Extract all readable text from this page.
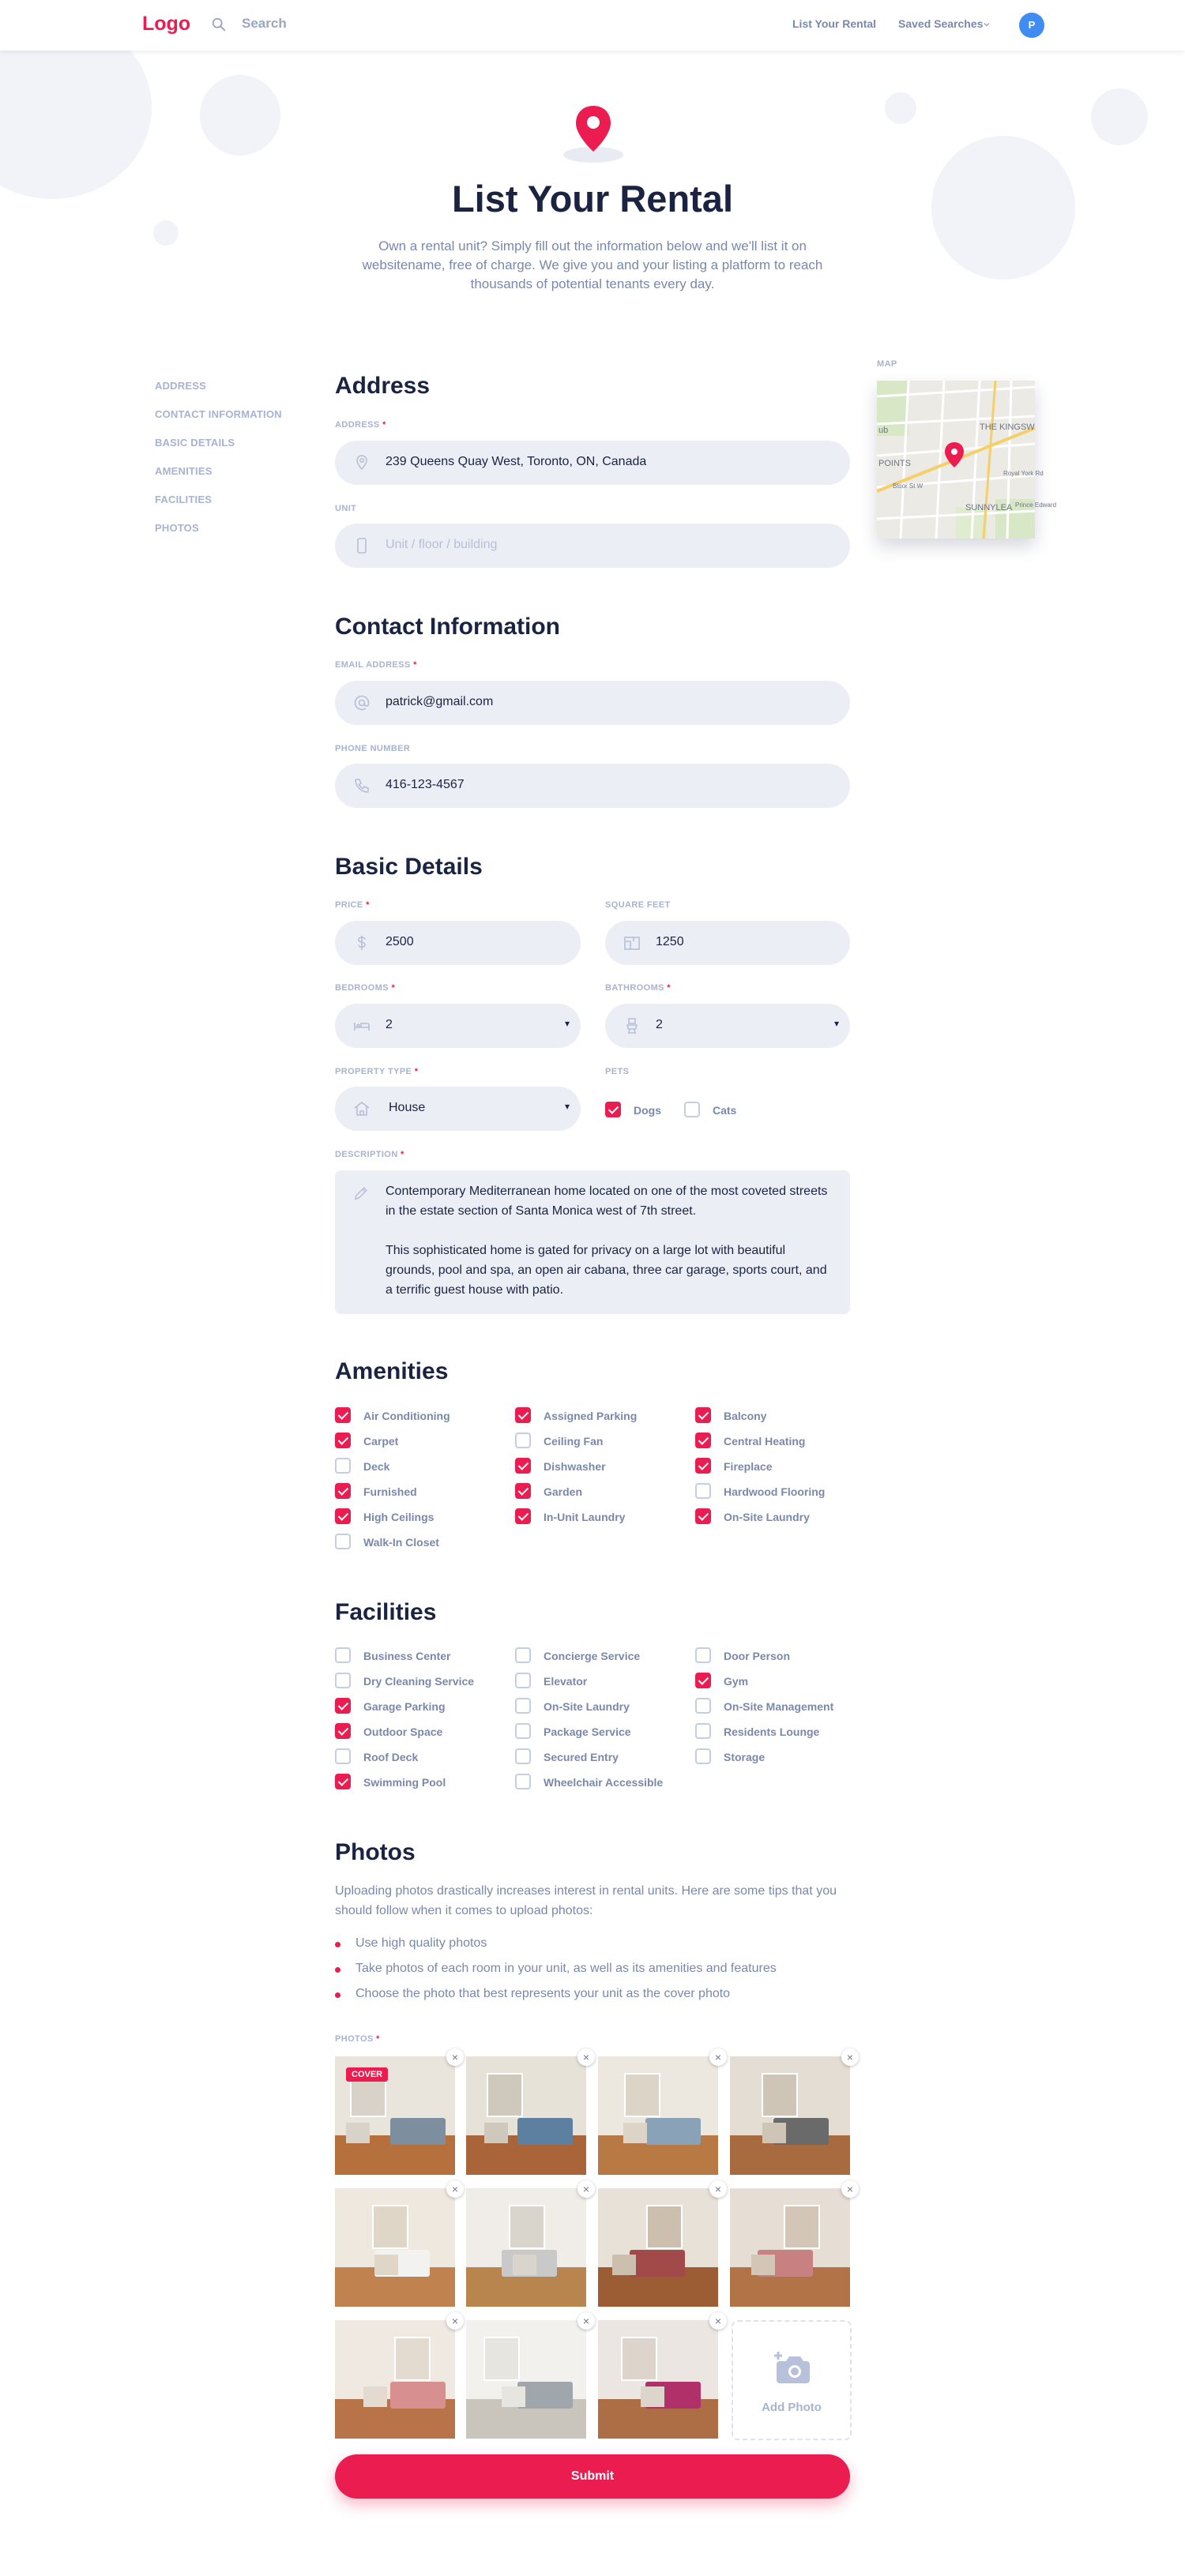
Logo	Search	List Your Rental Saved Searches	P
List Your Rental
Own a rental unit? Simply fill out the information below and we'll list it on websitename, free of charge. We give you and your listing a platform to reach thousands of potential tenants every day.
ADDRESS
CONTACT INFORMATION
BASIC DETAILS
AMENITIES
FACILITIES
PHOTOS
MAP
ub
POINTS
THE KINGSW
SUNNYLEA
Bloor St W
Royal York Rd
Prince Edward
Address
ADDRESS *
239 Queens Quay West, Toronto, ON, Canada
UNIT
Unit / floor / building
Contact Information
EMAIL ADDRESS *
patrick@gmail.com
PHONE NUMBER
416-123-4567
Basic Details
PRICE *
2500
SQUARE FEET
1250
BEDROOMS *
2	▾
BATHROOMS *
2	▾
PROPERTY TYPE *
House	▾
PETS
Dogs	Cats
DESCRIPTION *

Contemporary Mediterranean home located on one of the most coveted streets in the estate section of Santa Monica west of 7th street.

This sophisticated home is gated for privacy on a large lot with beautiful grounds, pool and spa, an open air cabana, three car garage, sports court, and a terrific guest house with patio.

Amenities
Air Conditioning	Assigned Parking	Balcony
Carpet	Ceiling Fan	Central Heating
Deck	Dishwasher	Fireplace
Furnished	Garden	Hardwood Flooring
High Ceilings	In-Unit Laundry	On-Site Laundry
Walk-In Closet
Facilities
Business Center	Concierge Service	Door Person
Dry Cleaning Service	Elevator	Gym
Garage Parking	On-Site Laundry	On-Site Management
Outdoor Space	Package Service	Residents Lounge
Roof Deck	Secured Entry	Storage
Swimming Pool	Wheelchair Accessible
Photos
Uploading photos drastically increases interest in rental units. Here are some tips that you should follow when it comes to upload photos:
Use high quality photos
Take photos of each room in your unit, as well as its amenities and features
Choose the photo that best represents your unit as the cover photo
PHOTOS *
COVER
×	×	×	×
×	×	×	×
×	×	×
Add Photo
Submit
